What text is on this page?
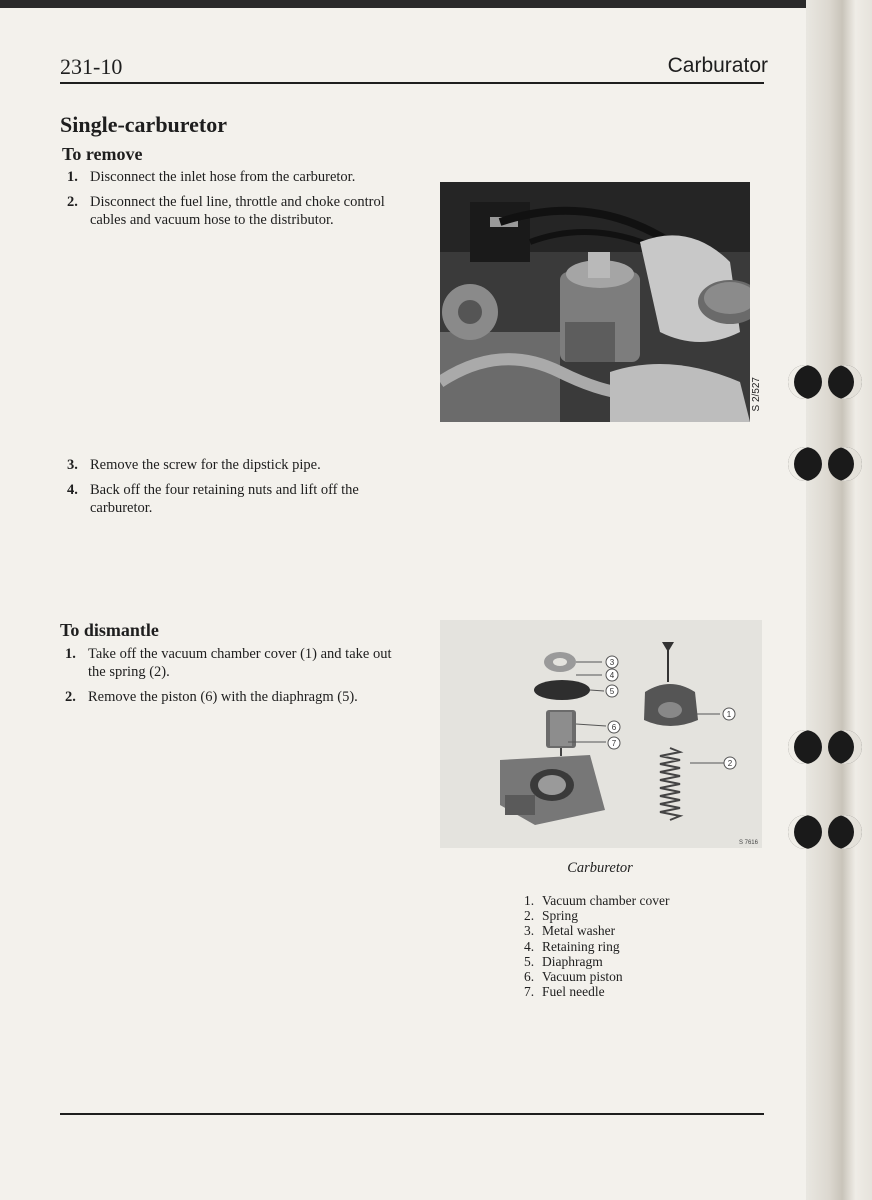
231-10	Carburator
Single-carburetor
To remove
1. Disconnect the inlet hose from the carburetor.
2. Disconnect the fuel line, throttle and choke control cables and vacuum hose to the distributor.
3. Remove the screw for the dipstick pipe.
4. Back off the four retaining nuts and lift off the carburetor.
S 2/527
To dismantle
1. Take off the vacuum chamber cover (1) and take out the spring (2).
2. Remove the piston (6) with the diaphragm (5).
3
4
5
6
7
1
2
S 7616
Carburetor
1. Vacuum chamber cover
2. Spring
3. Metal washer
4. Retaining ring
5. Diaphragm
6. Vacuum piston
7. Fuel needle
